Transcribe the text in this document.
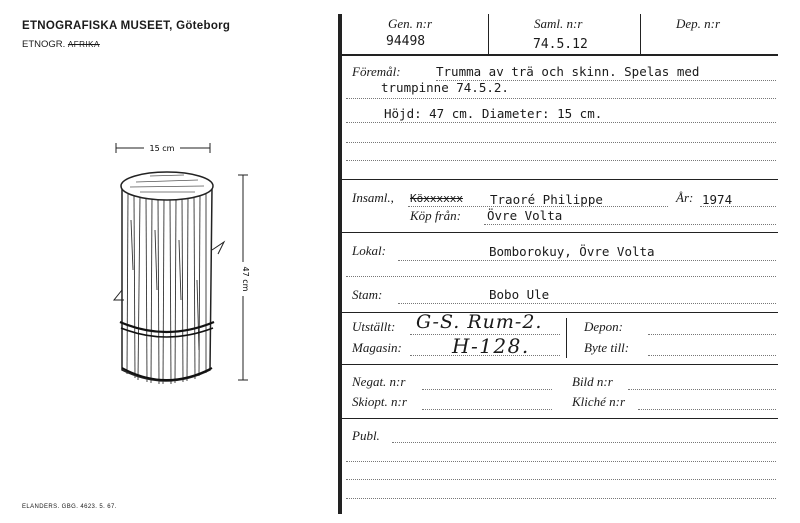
ETNOGRAFISKA MUSEET, Göteborg
ETNOGR. AFRIKA
15 cm
47 cm
ELANDERS. GBG. 4623. 5. 67.
Gen. n:r
94498
Saml. n:r
74.5.12
Dep. n:r
Föremål:	Trumma av trä och skinn. Spelas med
trumpinne 74.5.2.
Höjd: 47 cm. Diameter: 15 cm.
Insaml., Köxxxxxx Traoré Philippe	År: 1974
Köp från: Övre Volta
Lokal:	Bomborokuy, Övre Volta
Stam:	Bobo Ule
Utställt: G-S. Rum-2.
Magasin:	H-128.
Depon:
Byte till:
Negat. n:r	Bild n:r
Skiopt. n:r	Kliché n:r
Publ.
